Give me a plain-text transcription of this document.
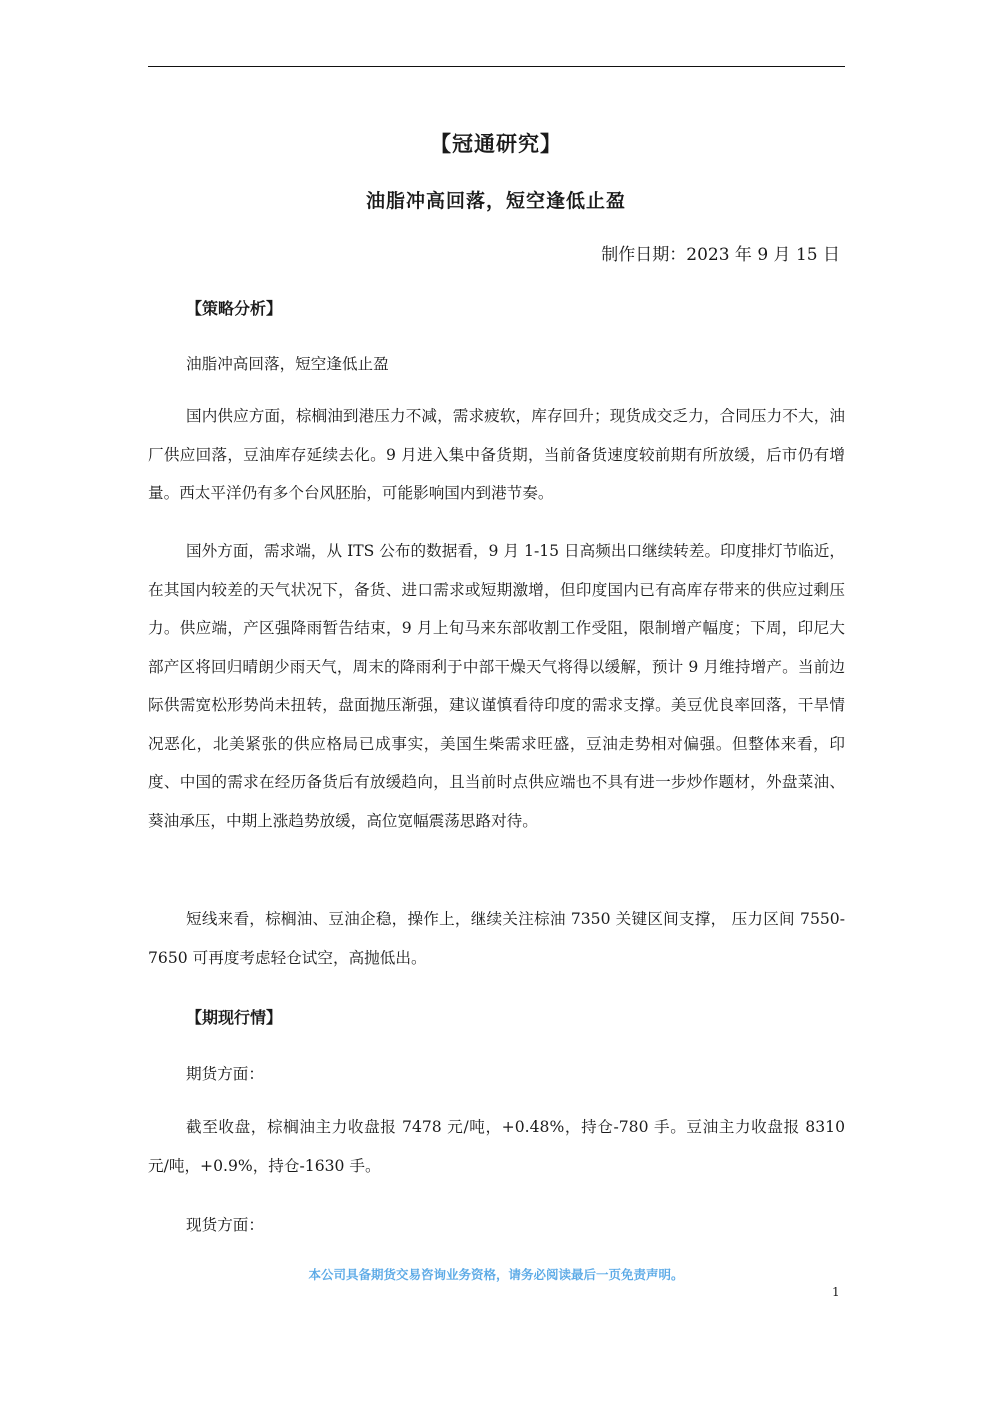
【冠通研究】
油脂冲高回落，短空逢低止盈
制作日期：2023 年 9 月 15 日
【策略分析】
油脂冲高回落，短空逢低止盈

国内供应方面，棕榈油到港压力不减，需求疲软，库存回升；现货成交乏力，合同压力不大，油厂供应回落，豆油库存延续去化。9 月进入集中备货期，当前备货速度较前期有所放缓，后市仍有增量。西太平洋仍有多个台风胚胎，可能影响国内到港节奏。

国外方面，需求端，从 ITS 公布的数据看，9 月 1-15 日高频出口继续转差。印度排灯节临近，在其国内较差的天气状况下，备货、进口需求或短期激增，但印度国内已有高库存带来的供应过剩压力。供应端，产区强降雨暂告结束，9 月上旬马来东部收割工作受阻，限制增产幅度；下周，印尼大部产区将回归晴朗少雨天气，周末的降雨利于中部干燥天气将得以缓解，预计 9 月维持增产。当前边际供需宽松形势尚未扭转，盘面抛压渐强，建议谨慎看待印度的需求支撑。美豆优良率回落，干旱情况恶化，北美紧张的供应格局已成事实，美国生柴需求旺盛，豆油走势相对偏强。但整体来看，印度、中国的需求在经历备货后有放缓趋向，且当前时点供应端也不具有进一步炒作题材，外盘菜油、葵油承压，中期上涨趋势放缓，高位宽幅震荡思路对待。

短线来看，棕榈油、豆油企稳，操作上，继续关注棕油 7350 关键区间支撑， 压力区间 7550-7650 可再度考虑轻仓试空，高抛低出。

【期现行情】
期货方面：

截至收盘，棕榈油主力收盘报 7478 元/吨，+0.48%，持仓-780 手。豆油主力收盘报 8310 元/吨，+0.9%，持仓-1630 手。

现货方面：
本公司具备期货交易咨询业务资格，请务必阅读最后一页免责声明。
1
